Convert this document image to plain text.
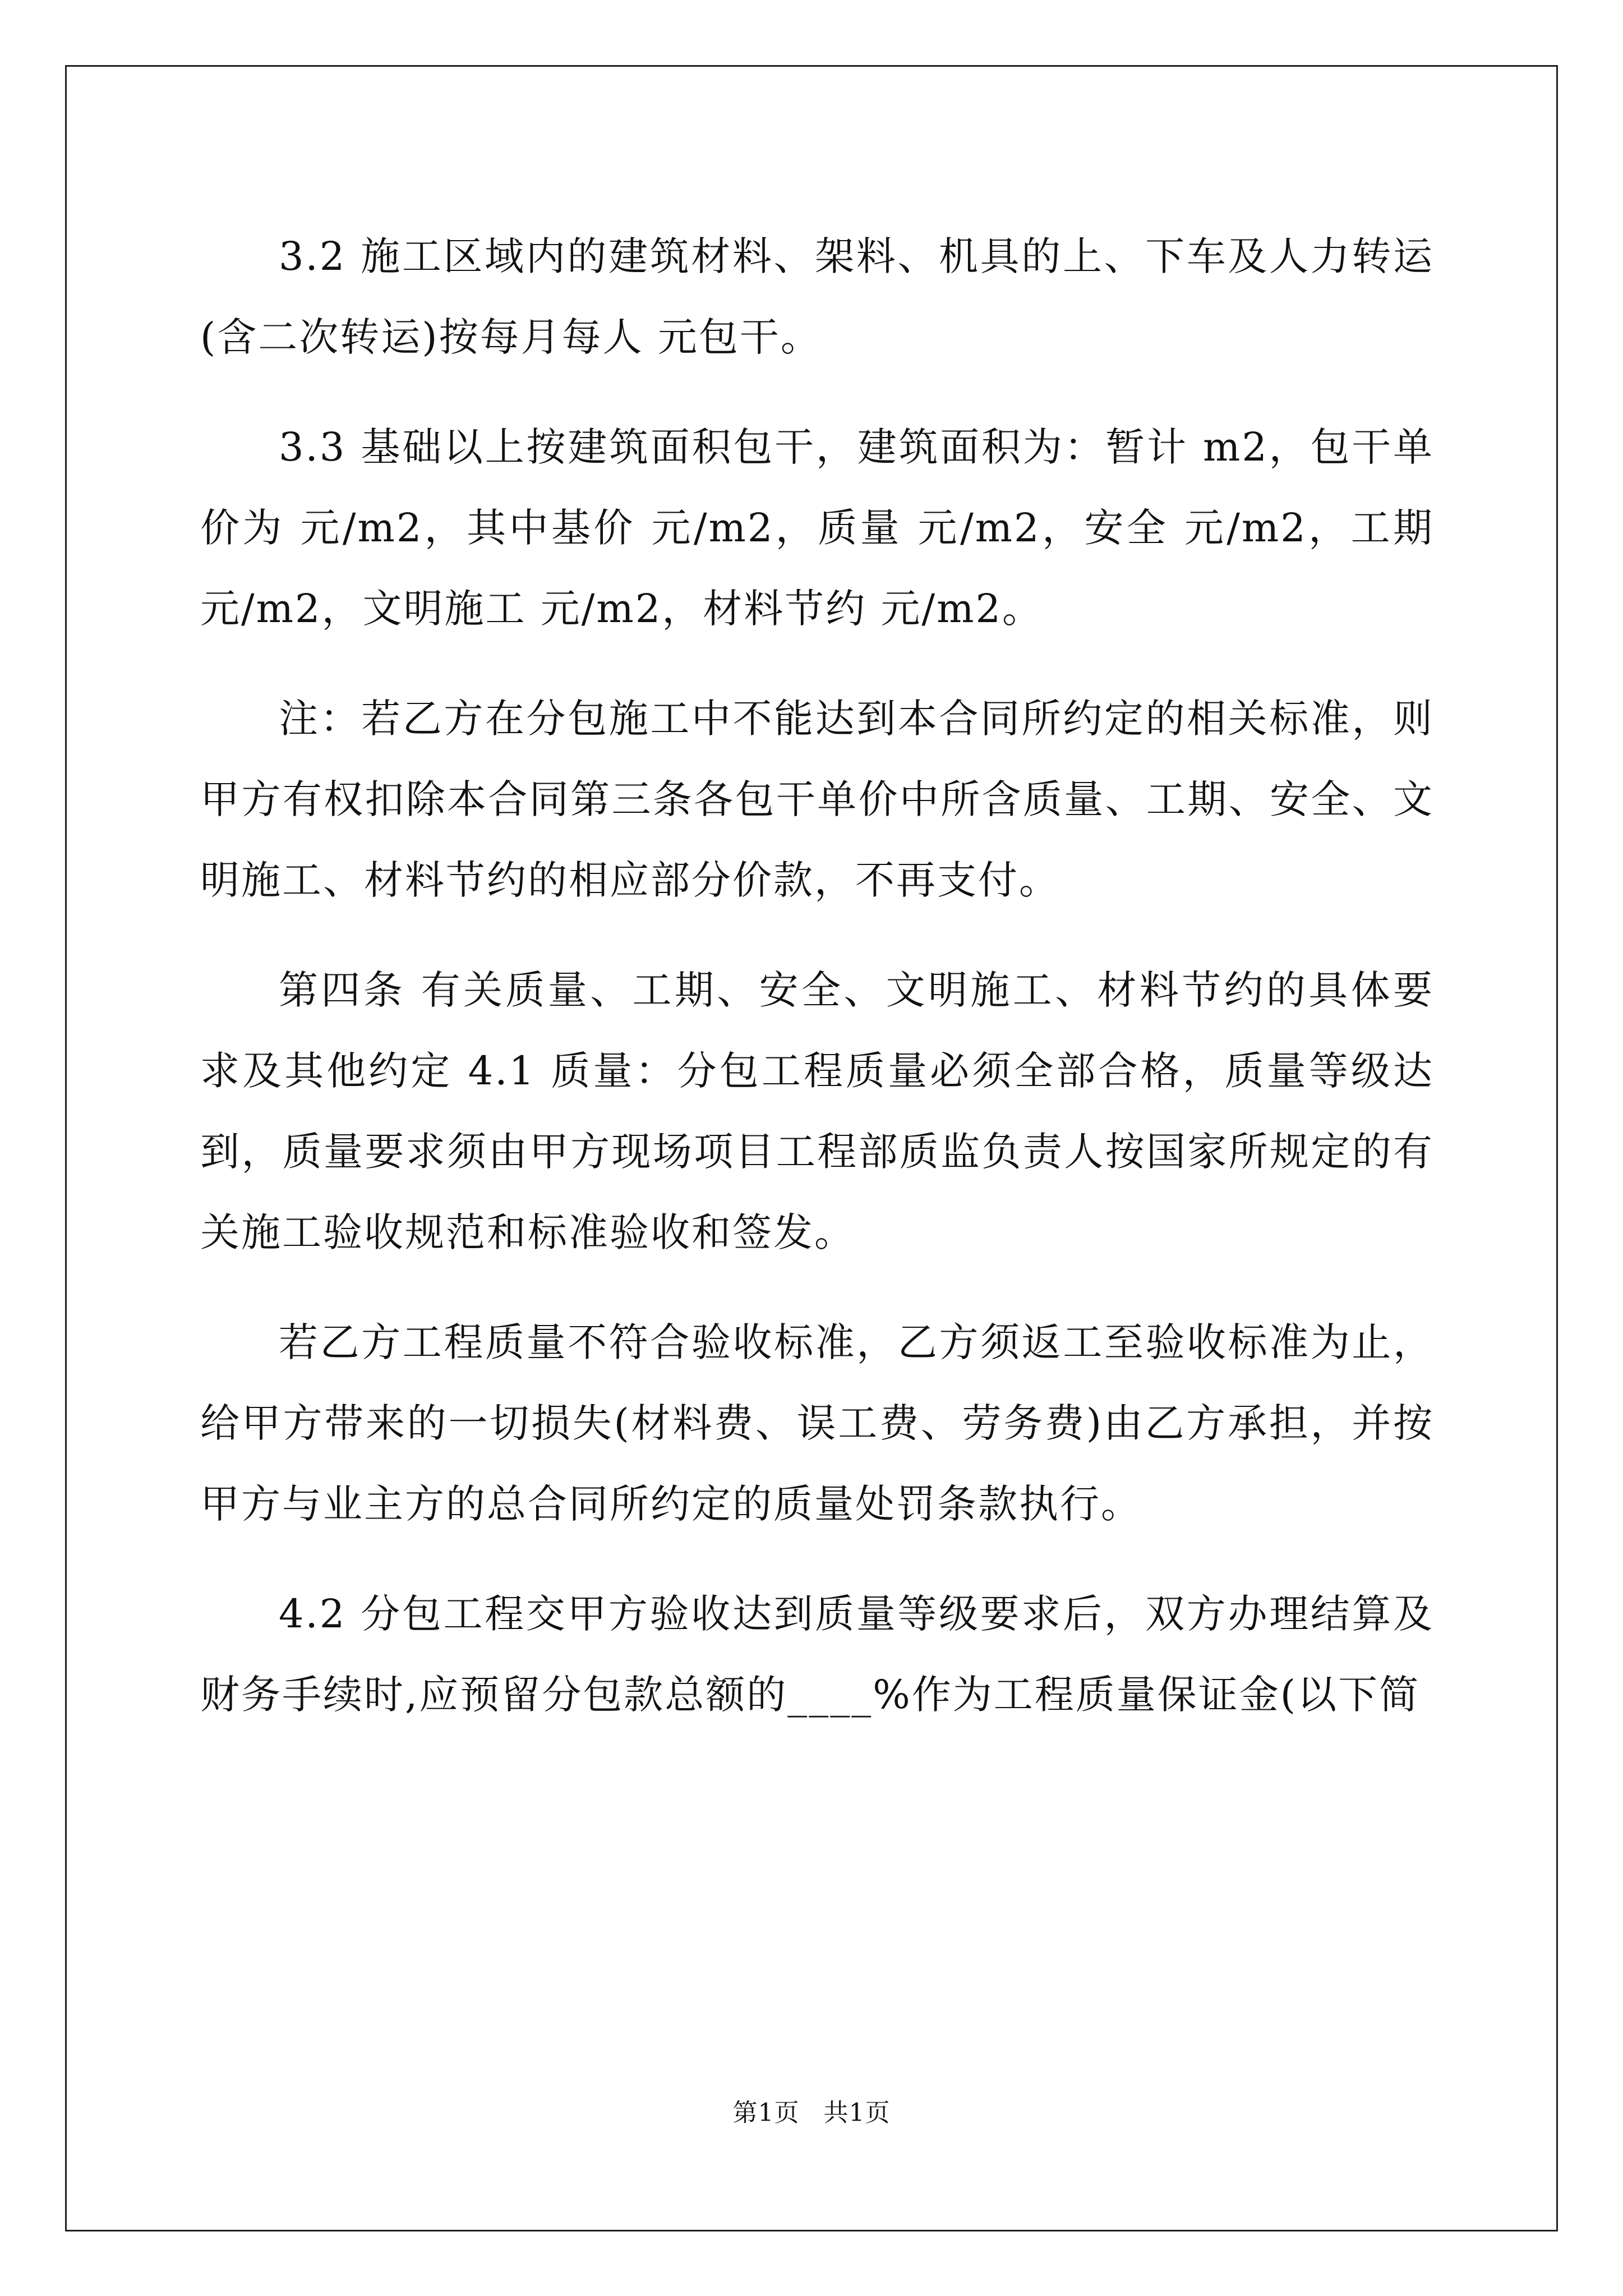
3.2 施工区域内的建筑材料、架料、机具的上、下车及人力转运(含二次转运)按每月每人 元包干。

3.3 基础以上按建筑面积包干，建筑面积为：暂计 m2，包干单价为 元/m2，其中基价 元/m2，质量 元/m2，安全 元/m2，工期 元/m2，文明施工 元/m2，材料节约 元/m2。

注：若乙方在分包施工中不能达到本合同所约定的相关标准，则甲方有权扣除本合同第三条各包干单价中所含质量、工期、安全、文明施工、材料节约的相应部分价款，不再支付。

第四条 有关质量、工期、安全、文明施工、材料节约的具体要求及其他约定 4.1 质量：分包工程质量必须全部合格，质量等级达到，质量要求须由甲方现场项目工程部质监负责人按国家所规定的有关施工验收规范和标准验收和签发。

若乙方工程质量不符合验收标准，乙方须返工至验收标准为止，给甲方带来的一切损失(材料费、误工费、劳务费)由乙方承担，并按甲方与业主方的总合同所约定的质量处罚条款执行。

4.2 分包工程交甲方验收达到质量等级要求后，双方办理结算及财务手续时,应预留分包款总额的____%作为工程质量保证金(以下简

第1页 共1页
